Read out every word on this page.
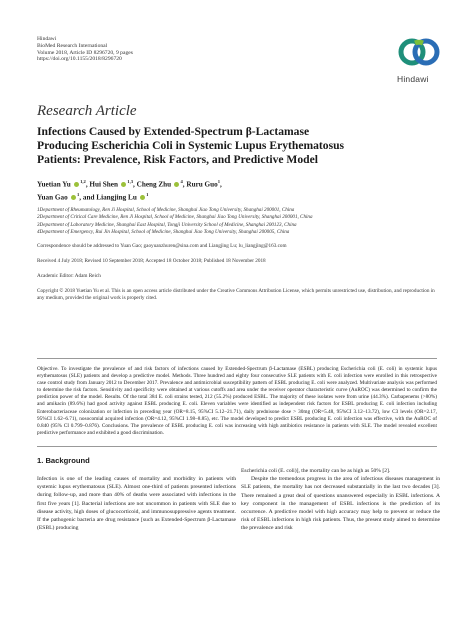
Hindawi
BioMed Research International
Volume 2018, Article ID 8296720, 9 pages
https://doi.org/10.1155/2018/8296720
Hindawi
Research Article
Infections Caused by Extended-Spectrum β-Lactamase
Producing Escherichia Coli in Systemic Lupus Erythematosus
Patients: Prevalence, Risk Factors, and Predictive Model
Yuetian Yu $^{1,2}$, Hui Shen $^{1,3}$, Cheng Zhu $^4$, Ruru Guo$^1$,
Yuan Gao $^1$, and Liangjing Lu $^1$
1Department of Rheumatology, Ren Ji Hospital, School of Medicine, Shanghai Jiao Tong University, Shanghai 200001, China
2Department of Critical Care Medicine, Ren Ji Hospital, School of Medicine, Shanghai Jiao Tong University, Shanghai 200001, China
3Department of Laboratory Medicine, Shanghai East Hospital, Tongji University School of Medicine, Shanghai 200123, China
4Department of Emergency, Rui Jin Hospital, School of Medicine, Shanghai Jiao Tong University, Shanghai 200005, China
Correspondence should be addressed to Yuan Gao; gaoyuanzhuren@sina.com and Liangjing Lu; lu_liangjing@163.com
Received 4 July 2018; Revised 10 September 2018; Accepted 18 October 2018; Published 18 November 2018
Academic Editor: Adam Reich
Copyright © 2018 Yuetian Yu et al. This is an open access article distributed under the Creative Commons Attribution License, which permits unrestricted use, distribution, and reproduction in any medium, provided the original work is properly cited.
Objective. To investigate the prevalence of and risk factors of infections caused by Extended-Spectrum β-Lactamase (ESBL) producing Escherichia coli (E. coli) in systemic lupus erythematosus (SLE) patients and develop a predictive model. Methods. Three hundred and eighty four consecutive SLE patients with E. coli infection were enrolled in this retrospective case control study from January 2012 to December 2017. Prevalence and antimicrobial susceptibility pattern of ESBL producing E. coli were analyzed. Multivariate analysis was performed to determine the risk factors. Sensitivity and specificity were obtained at various cutoffs and area under the receiver operator characteristic curve (AuROC) was determined to confirm the prediction power of the model. Results. Of the total 384 E. coli strains tested, 212 (55.2%) produced ESBL. The majority of these isolates were from urine (44.3%). Carbapenems (>80%) and amikacin (89.6%) had good activity against ESBL producing E. coli. Eleven variables were identified as independent risk factors for ESBL producing E. coli infection including Enterobacteriaceae colonization or infection in preceding year (OR=8.15, 95%CI 5.12–21.71), daily prednisone dose > 30mg (OR=5.48, 95%CI 3.12–13.72), low C3 levels (OR=2.17, 95%CI 1.62–6.71), nosocomial acquired infection (OR=4.12, 95%CI 1.98–8.85), etc. The model developed to predict ESBL producing E. coli infection was effective, with the AuROC of 0.840 (95% CI 0.799–0.876). Conclusions. The prevalence of ESBL producing E. coli was increasing with high antibiotics resistance in patients with SLE. The model revealed excellent predictive performance and exhibited a good discrimination.
1. Background

Infection is one of the leading causes of mortality and morbidity in patients with systemic lupus erythematosus (SLE). Almost one-third of patients presented infections during follow-up, and more than 40% of deaths were associated with infections in the first five years [1]. Bacterial infections are not uncommon in patients with SLE due to disease activity, high doses of glucocorticoid, and immunosuppressive agents treatment. If the pathogenic bacteria are drug resistance [such as Extended-Spectrum β-Lactamase (ESBL) producing

Escherichia coli (E. coli)], the mortality can be as high as 50% [2].

Despite the tremendous progress in the area of infectious diseases management in SLE patients, the mortality has not decreased substantially in the last two decades [3]. There remained a great deal of questions unanswered especially in ESBL infections. A key component in the management of ESBL infections is the prediction of its occurrence. A predictive model with high accuracy may help to prevent or reduce the risk of ESBL infections in high risk patients. Thus, the present study aimed to determine the prevalence and risk
